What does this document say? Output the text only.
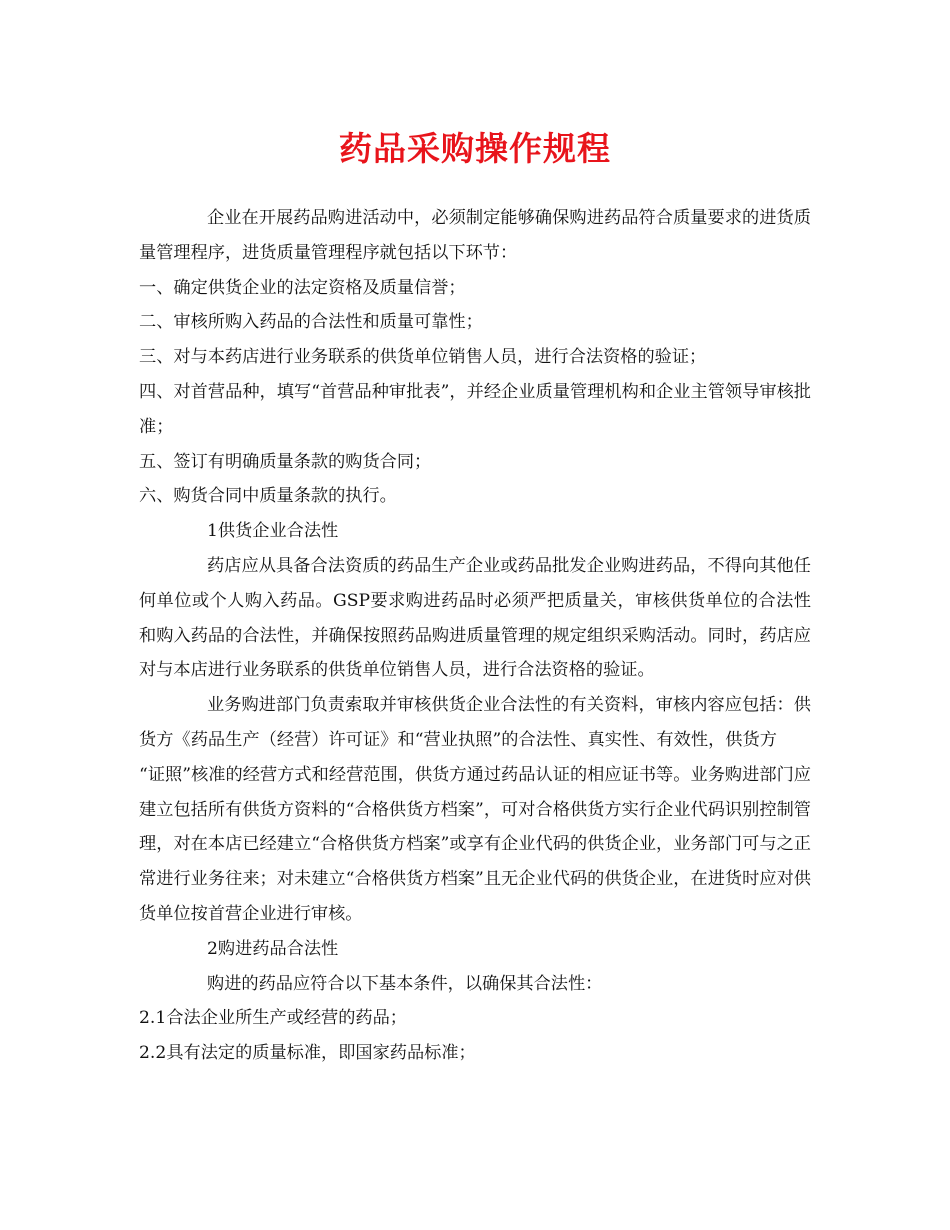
药品采购操作规程

企业在开展药品购进活动中，必须制定能够确保购进药品符合质量要求的进货质量管理程序，进货质量管理程序就包括以下环节：

一、确定供货企业的法定资格及质量信誉；

二、审核所购入药品的合法性和质量可靠性；

三、对与本药店进行业务联系的供货单位销售人员，进行合法资格的验证；

四、对首营品种，填写“首营品种审批表”，并经企业质量管理机构和企业主管领导审核批准；

五、签订有明确质量条款的购货合同；

六、购货合同中质量条款的执行。

1供货企业合法性

药店应从具备合法资质的药品生产企业或药品批发企业购进药品，不得向其他任何单位或个人购入药品。GSP要求购进药品时必须严把质量关，审核供货单位的合法性和购入药品的合法性，并确保按照药品购进质量管理的规定组织采购活动。同时，药店应对与本店进行业务联系的供货单位销售人员，进行合法资格的验证。

业务购进部门负责索取并审核供货企业合法性的有关资料，审核内容应包括：供货方《药品生产（经营）许可证》和“营业执照”的合法性、真实性、有效性，供货方“证照”核准的经营方式和经营范围，供货方通过药品认证的相应证书等。业务购进部门应建立包括所有供货方资料的“合格供货方档案”，可对合格供货方实行企业代码识别控制管理，对在本店已经建立“合格供货方档案”或享有企业代码的供货企业，业务部门可与之正常进行业务往来；对未建立“合格供货方档案”且无企业代码的供货企业，在进货时应对供货单位按首营企业进行审核。

2购进药品合法性

购进的药品应符合以下基本条件，以确保其合法性：

2.1合法企业所生产或经营的药品；

2.2具有法定的质量标准，即国家药品标准；
